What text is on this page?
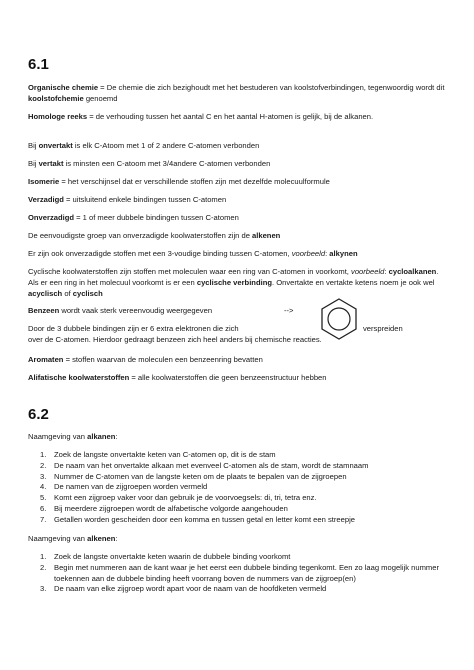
6.1
Organische chemie = De chemie die zich bezighoudt met het bestuderen van koolstofverbindingen, tegenwoordig wordt dit koolstofchemie genoemd
Homologe reeks = de verhouding tussen het aantal C en het aantal H-atomen is gelijk, bij de alkanen.
Bij onvertakt is elk C-Atoom met 1 of 2 andere C-atomen verbonden
Bij vertakt is minsten een C-atoom met 3/4andere C-atomen verbonden
Isomerie = het verschijnsel dat er verschillende stoffen zijn met dezelfde molecuulformule
Verzadigd = uitsluitend enkele bindingen tussen C-atomen
Onverzadigd = 1 of meer dubbele bindingen tussen C-atomen
De eenvoudigste groep van onverzadigde koolwaterstoffen zijn de alkenen
Er zijn ook onverzadigde stoffen met een 3-voudige binding tussen C-atomen, voorbeeld: alkynen
Cyclische koolwaterstoffen zijn stoffen met moleculen waar een ring van C-atomen in voorkomt, voorbeeld: cycloalkanen. Als er een ring in het molecuul voorkomt is er een cyclische verbinding. Onvertakte en vertakte ketens noem je ook wel acyclisch of cyclisch
Benzeen wordt vaak sterk vereenvoudig weergegeven	-->
Door de 3 dubbele bindingen zijn er 6 extra elektronen die zich	verspreiden

over de C-atomen. Hierdoor gedraagt benzeen zich heel anders bij chemische reacties.
Aromaten = stoffen waarvan de moleculen een benzeenring bevatten
Alifatische koolwaterstoffen = alle koolwaterstoffen die geen benzeenstructuur hebben
6.2
Naamgeving van alkanen:
1. Zoek de langste onvertakte keten van C-atomen op, dit is de stam
2. De naam van het onvertakte alkaan met evenveel C-atomen als de stam, wordt de stamnaam
3. Nummer de C-atomen van de langste keten om de plaats te bepalen van de zijgroepen
4. De namen van de zijgroepen worden vermeld
5. Komt een zijgroep vaker voor dan gebruik je de voorvoegsels: di, tri, tetra enz.
6. Bij meerdere zijgroepen wordt de alfabetische volgorde aangehouden
7. Getallen worden gescheiden door een komma en tussen getal en letter komt een streepje
Naamgeving van alkenen:
1. Zoek de langste onvertakte keten waarin de dubbele binding voorkomt
2. Begin met nummeren aan de kant waar je het eerst een dubbele binding tegenkomt. Een zo laag mogelijk nummer toekennen aan de dubbele binding heeft voorrang boven de nummers van de zijgroep(en)
3. De naam van elke zijgroep wordt apart voor de naam van de hoofdketen vermeld
